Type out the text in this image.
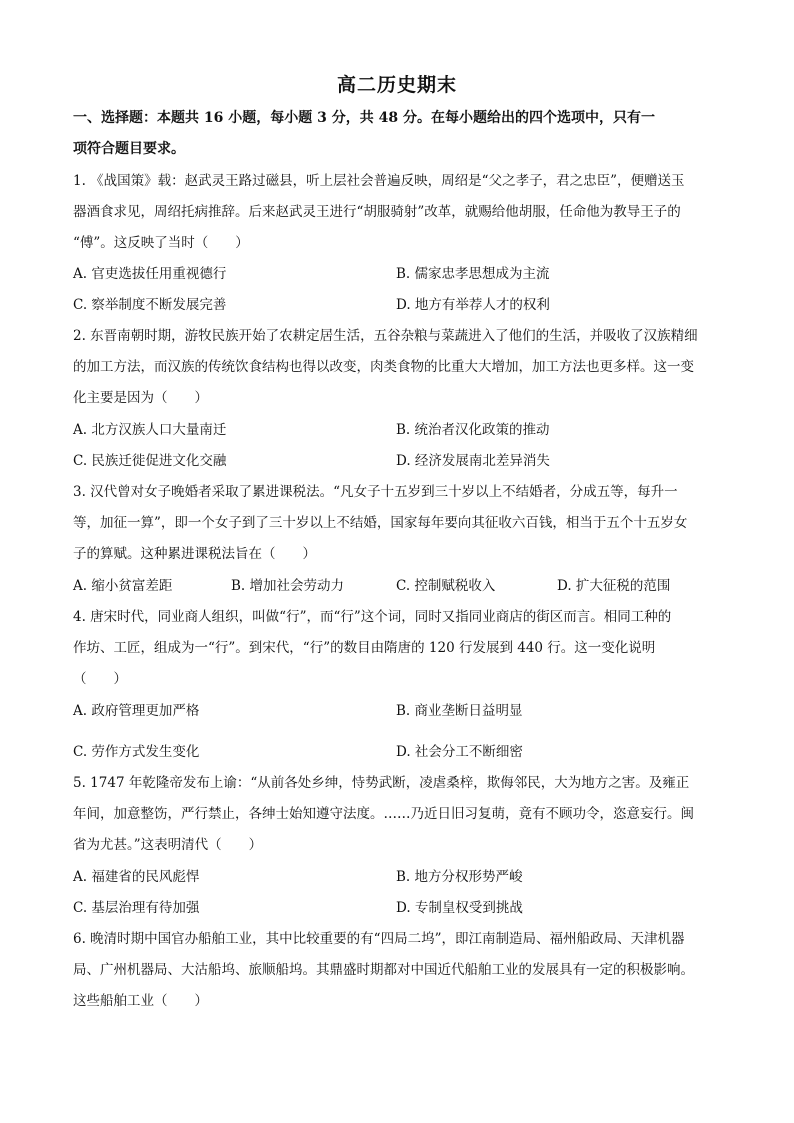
高二历史期末
一、选择题：本题共 16 小题，每小题 3 分，共 48 分。在每小题给出的四个选项中，只有一
项符合题目要求。
1. 《战国策》载：赵武灵王路过磁县，听上层社会普遍反映，周绍是“父之孝子，君之忠臣”，便赠送玉
器酒食求见，周绍托病推辞。后来赵武灵王进行“胡服骑射”改革，就赐给他胡服，任命他为教导王子的
“傅”。这反映了当时（　　）
A. 官吏选拔任用重视德行	B. 儒家忠孝思想成为主流
C. 察举制度不断发展完善	D. 地方有举荐人才的权利
2. 东晋南朝时期，游牧民族开始了农耕定居生活，五谷杂粮与菜蔬进入了他们的生活，并吸收了汉族精细
的加工方法，而汉族的传统饮食结构也得以改变，肉类食物的比重大大增加，加工方法也更多样。这一变
化主要是因为（　　）
A. 北方汉族人口大量南迁	B. 统治者汉化政策的推动
C. 民族迁徙促进文化交融	D. 经济发展南北差异消失
3. 汉代曾对女子晚婚者采取了累进课税法。“凡女子十五岁到三十岁以上不结婚者，分成五等，每升一
等，加征一算”，即一个女子到了三十岁以上不结婚，国家每年要向其征收六百钱，相当于五个十五岁女
子的算赋。这种累进课税法旨在（　　）
A. 缩小贫富差距	B. 增加社会劳动力	C. 控制赋税收入	D. 扩大征税的范围
4. 唐宋时代，同业商人组织，叫做“行”，而“行”这个词，同时又指同业商店的街区而言。相同工种的
作坊、工匠，组成为一“行”。到宋代，“行”的数目由隋唐的 120 行发展到 440 行。这一变化说明
（　　）
A. 政府管理更加严格	B. 商业垄断日益明显
C. 劳作方式发生变化	D. 社会分工不断细密
5. 1747 年乾隆帝发布上谕：“从前各处乡绅，恃势武断，凌虐桑梓，欺侮邻民，大为地方之害。及雍正
年间，加意整饬，严行禁止，各绅士始知遵守法度。……乃近日旧习复萌，竟有不顾功令，恣意妄行。闽
省为尤甚。”这表明清代（　　）
A. 福建省的民风彪悍	B. 地方分权形势严峻
C. 基层治理有待加强	D. 专制皇权受到挑战
6. 晚清时期中国官办船舶工业，其中比较重要的有“四局二坞”，即江南制造局、福州船政局、天津机器
局、广州机器局、大沽船坞、旅顺船坞。其鼎盛时期都对中国近代船舶工业的发展具有一定的积极影响。
这些船舶工业（　　）
